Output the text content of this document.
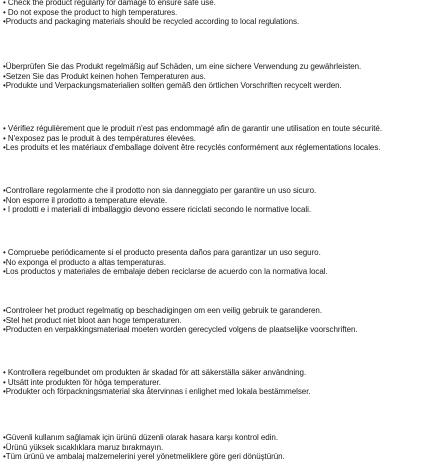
• Check the product regularly for damage to ensure safe use.
• Do not expose the product to high temperatures.
•Products and packaging materials should be recycled according to local regulations.
•Überprüfen Sie das Produkt regelmäßig auf Schäden, um eine sichere Verwendung zu gewährleisten.
•Setzen Sie das Produkt keinen hohen Temperaturen aus.
•Produkte und Verpackungsmaterialien sollten gemäß den örtlichen Vorschriften recycelt werden.
• Vérifiez régulièrement que le produit n'est pas endommagé afin de garantir une utilisation en toute sécurité.
• N'exposez pas le produit à des températures élevées.
•Les produits et les matériaux d'emballage doivent être recyclés conformément aux réglementations locales.
•Controllare regolarmente che il prodotto non sia danneggiato per garantire un uso sicuro.
•Non esporre il prodotto a temperature elevate.
• I prodotti e i materiali di imballaggio devono essere riciclati secondo le normative locali.
• Compruebe periódicamente si el producto presenta daños para garantizar un uso seguro.
•No exponga el producto a altas temperaturas.
•Los productos y materiales de embalaje deben reciclarse de acuerdo con la normativa local.
•Controleer het product regelmatig op beschadigingen om een veilig gebruik te garanderen.
•Stel het product niet bloot aan hoge temperaturen.
•Producten en verpakkingsmateriaal moeten worden gerecycled volgens de plaatselijke voorschriften.
• Kontrollera regelbundet om produkten är skadad för att säkerställa säker användning.
• Utsätt inte produkten för höga temperaturer.
•Produkter och förpackningsmaterial ska återvinnas i enlighet med lokala bestämmelser.
•Güvenli kullanım sağlamak için ürünü düzenli olarak hasara karşı kontrol edin.
•Ürünü yüksek sıcaklıklara maruz bırakmayın.
•Tüm ürünü ve ambalaj malzemelerini yerel yönetmeliklere göre geri dönüştürün.
